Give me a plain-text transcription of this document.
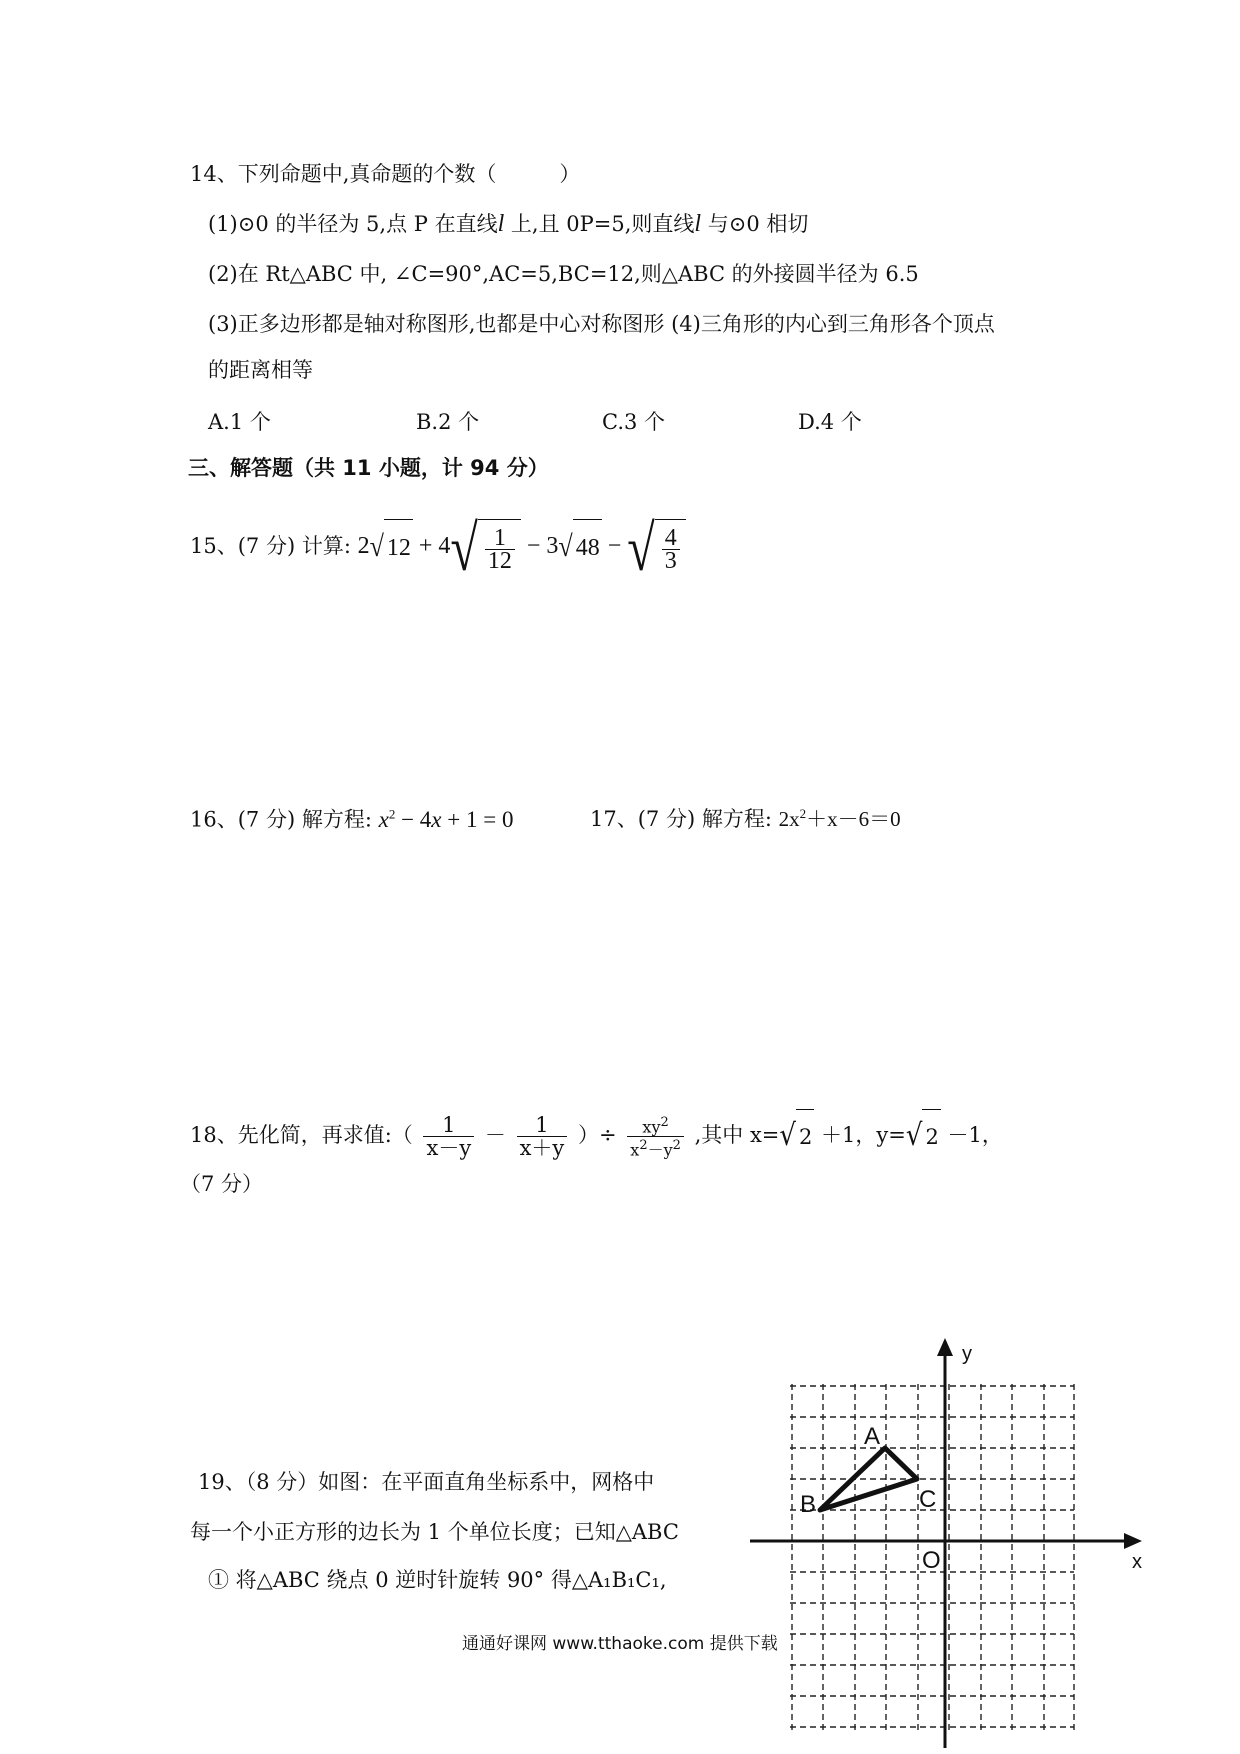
14、下列命题中,真命题的个数（　　　）
(1)⊙0 的半径为 5,点 P 在直线l 上,且 0P=5,则直线l 与⊙0 相切
(2)在 Rt△ABC 中, ∠C=90°,AC=5,BC=12,则△ABC 的外接圆半径为 6.5
(3)正多边形都是轴对称图形,也都是中心对称图形 (4)三角形的内心到三角形各个顶点
的距离相等
A.1 个	B.2 个	C.3 个	D.4 个
三、解答题（共 11 小题，计 94 分）
15、(7 分) 计算: 2√ $12 + 4√ \frac{1}{12} - 3√$ 48 − √ $\frac{4}{3}$
16、(7 分) 解方程: $x^2 - 4x + 1 = 0$	17、(7 分) 解方程: $2x^2+x-6=0$
18、先化简，再求值:（ $\frac{1}{x-y} - \frac{1}{x+y}$ ）÷ $\frac{xy^2}{x^2-y^2}$ ,其中 x=√ 2 ＋1，y=√ 2 －1，
（7 分）
19、（8 分）如图：在平面直角坐标系中，网格中
每一个小正方形的边长为 1 个单位长度；已知△ABC
① 将△ABC 绕点 0 逆时针旋转 90° 得△A₁B₁C₁,
通通好课网 www.tthaoke.com 提供下载
A
B	C
O	x
y
